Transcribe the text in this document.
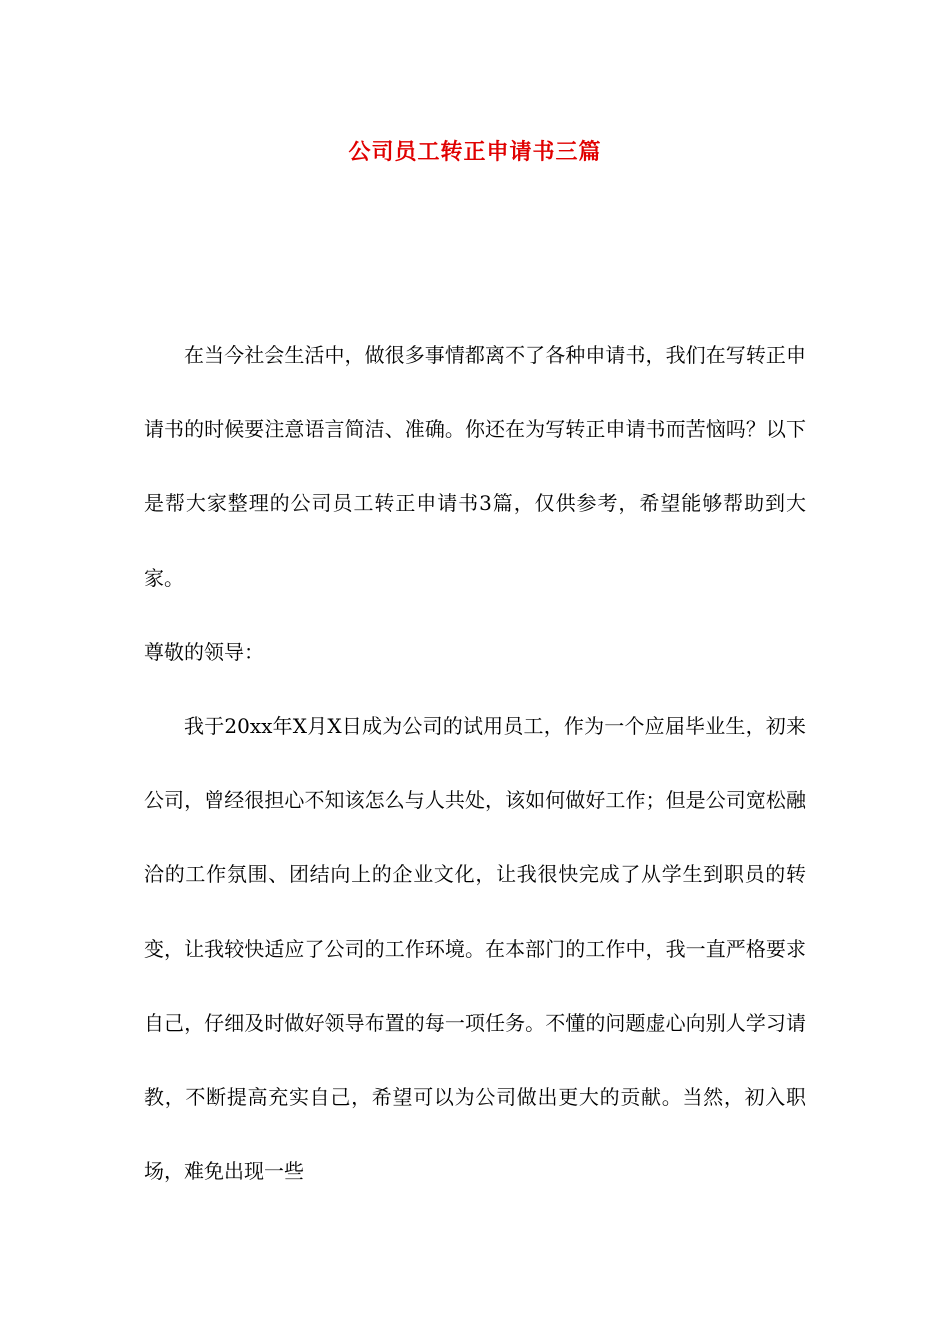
公司员工转正申请书三篇

在当今社会生活中，做很多事情都离不了各种申请书，我们在写转正申请书的时候要注意语言简洁、准确。你还在为写转正申请书而苦恼吗？以下是帮大家整理的公司员工转正申请书3篇，仅供参考，希望能够帮助到大家。

尊敬的领导：

我于20xx年X月X日成为公司的试用员工，作为一个应届毕业生，初来公司，曾经很担心不知该怎么与人共处，该如何做好工作；但是公司宽松融洽的工作氛围、团结向上的企业文化，让我很快完成了从学生到职员的转变，让我较快适应了公司的工作环境。在本部门的工作中，我一直严格要求自己，仔细及时做好领导布置的每一项任务。不懂的问题虚心向别人学习请教，不断提高充实自己，希望可以为公司做出更大的贡献。当然，初入职场，难免出现一些
